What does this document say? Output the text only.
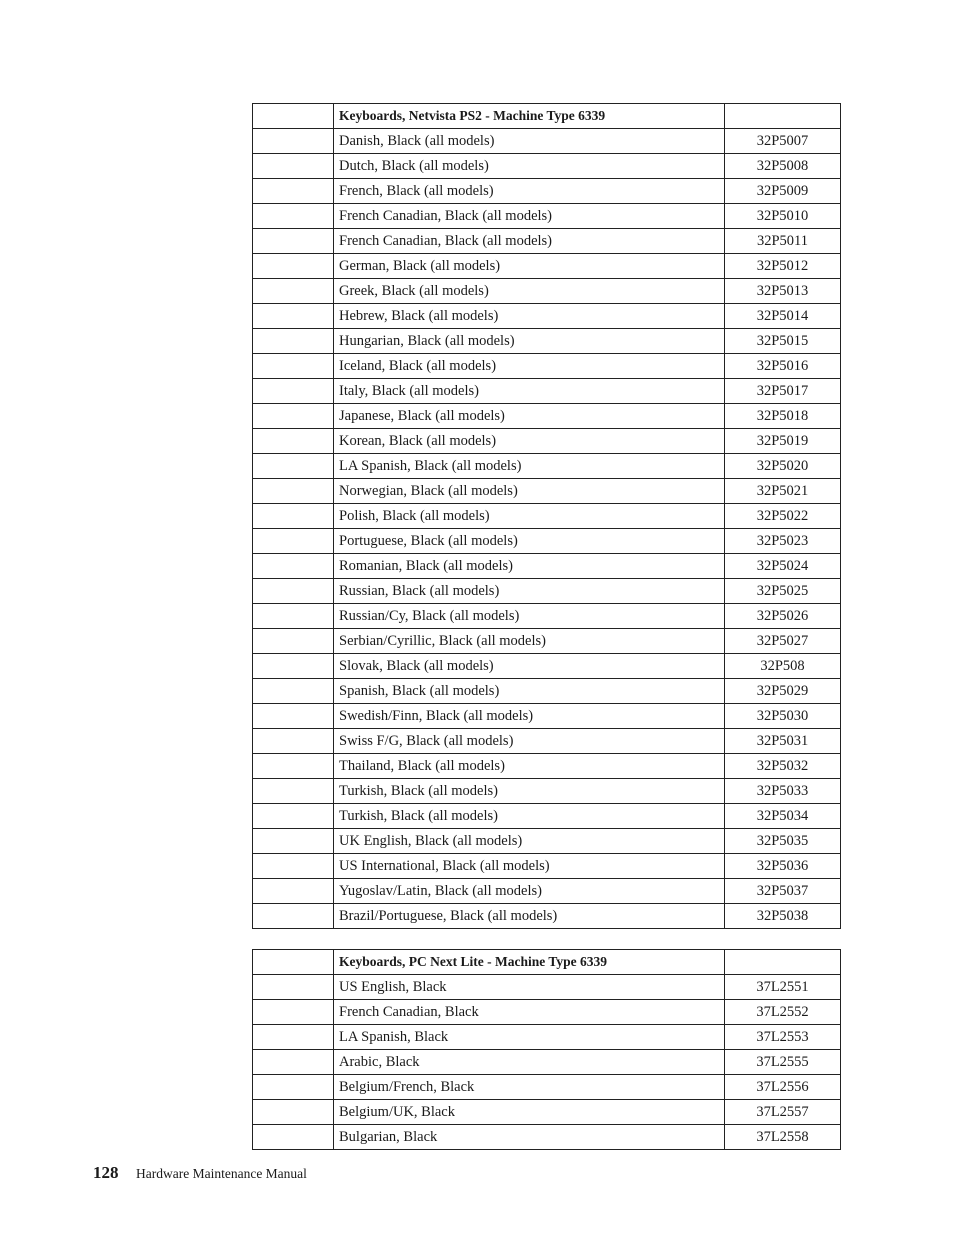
	Keyboards, Netvista PS2 - Machine Type 6339	
	Danish, Black (all models)	32P5007
	Dutch, Black (all models)	32P5008
	French, Black (all models)	32P5009
	French Canadian, Black (all models)	32P5010
	French Canadian, Black (all models)	32P5011
	German, Black (all models)	32P5012
	Greek, Black (all models)	32P5013
	Hebrew, Black (all models)	32P5014
	Hungarian, Black (all models)	32P5015
	Iceland, Black (all models)	32P5016
	Italy, Black (all models)	32P5017
	Japanese, Black (all models)	32P5018
	Korean, Black (all models)	32P5019
	LA Spanish, Black (all models)	32P5020
	Norwegian, Black (all models)	32P5021
	Polish, Black (all models)	32P5022
	Portuguese, Black (all models)	32P5023
	Romanian, Black (all models)	32P5024
	Russian, Black (all models)	32P5025
	Russian/Cy, Black (all models)	32P5026
	Serbian/Cyrillic, Black (all models)	32P5027
	Slovak, Black (all models)	32P508
	Spanish, Black (all models)	32P5029
	Swedish/Finn, Black (all models)	32P5030
	Swiss F/G, Black (all models)	32P5031
	Thailand, Black (all models)	32P5032
	Turkish, Black (all models)	32P5033
	Turkish, Black (all models)	32P5034
	UK English, Black (all models)	32P5035
	US International, Black (all models)	32P5036
	Yugoslav/Latin, Black (all models)	32P5037
	Brazil/Portuguese, Black (all models)	32P5038
	Keyboards, PC Next Lite - Machine Type 6339	
	US English, Black	37L2551
	French Canadian, Black	37L2552
	LA Spanish, Black	37L2553
	Arabic, Black	37L2555
	Belgium/French, Black	37L2556
	Belgium/UK, Black	37L2557
	Bulgarian, Black	37L2558
128 Hardware Maintenance Manual
